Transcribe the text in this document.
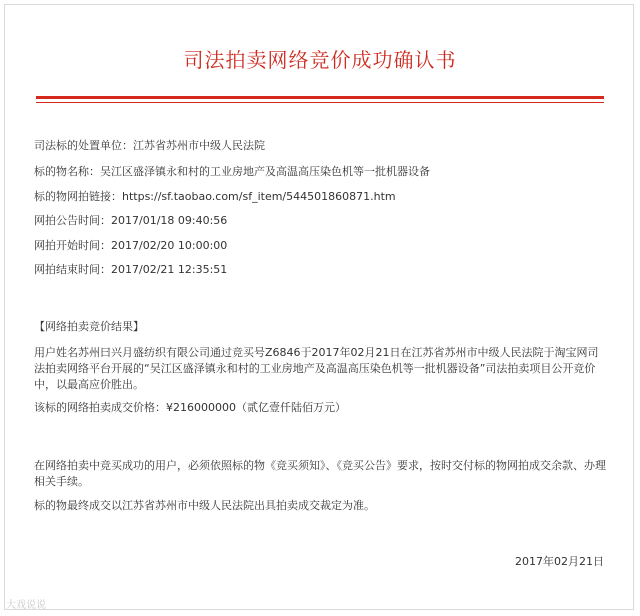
司法拍卖网络竞价成功确认书
司法标的处置单位：江苏省苏州市中级人民法院
标的物名称：吴江区盛泽镇永和村的工业房地产及高温高压染色机等一批机器设备
标的物网拍链接：https://sf.taobao.com/sf_item/544501860871.htm
网拍公告时间：2017/01/18 09:40:56
网拍开始时间：2017/02/20 10:00:00
网拍结束时间：2017/02/21 12:35:51
【网络拍卖竞价结果】
用户姓名苏州曰兴月盛纺织有限公司通过竞买号Z6846于2017年02月21日在江苏省苏州市中级人民法院于淘宝网司法拍卖网络平台开展的“吴江区盛泽镇永和村的工业房地产及高温高压染色机等一批机器设备”司法拍卖项目公开竞价中，以最高应价胜出。
该标的网络拍卖成交价格：¥216000000（贰亿壹仟陆佰万元）
在网络拍卖中竞买成功的用户，必须依照标的物《竞买须知》、《竞买公告》要求，按时交付标的物网拍成交余款、办理相关手续。
标的物最终成交以江苏省苏州市中级人民法院出具拍卖成交裁定为准。
2017年02月21日
大戏说说
